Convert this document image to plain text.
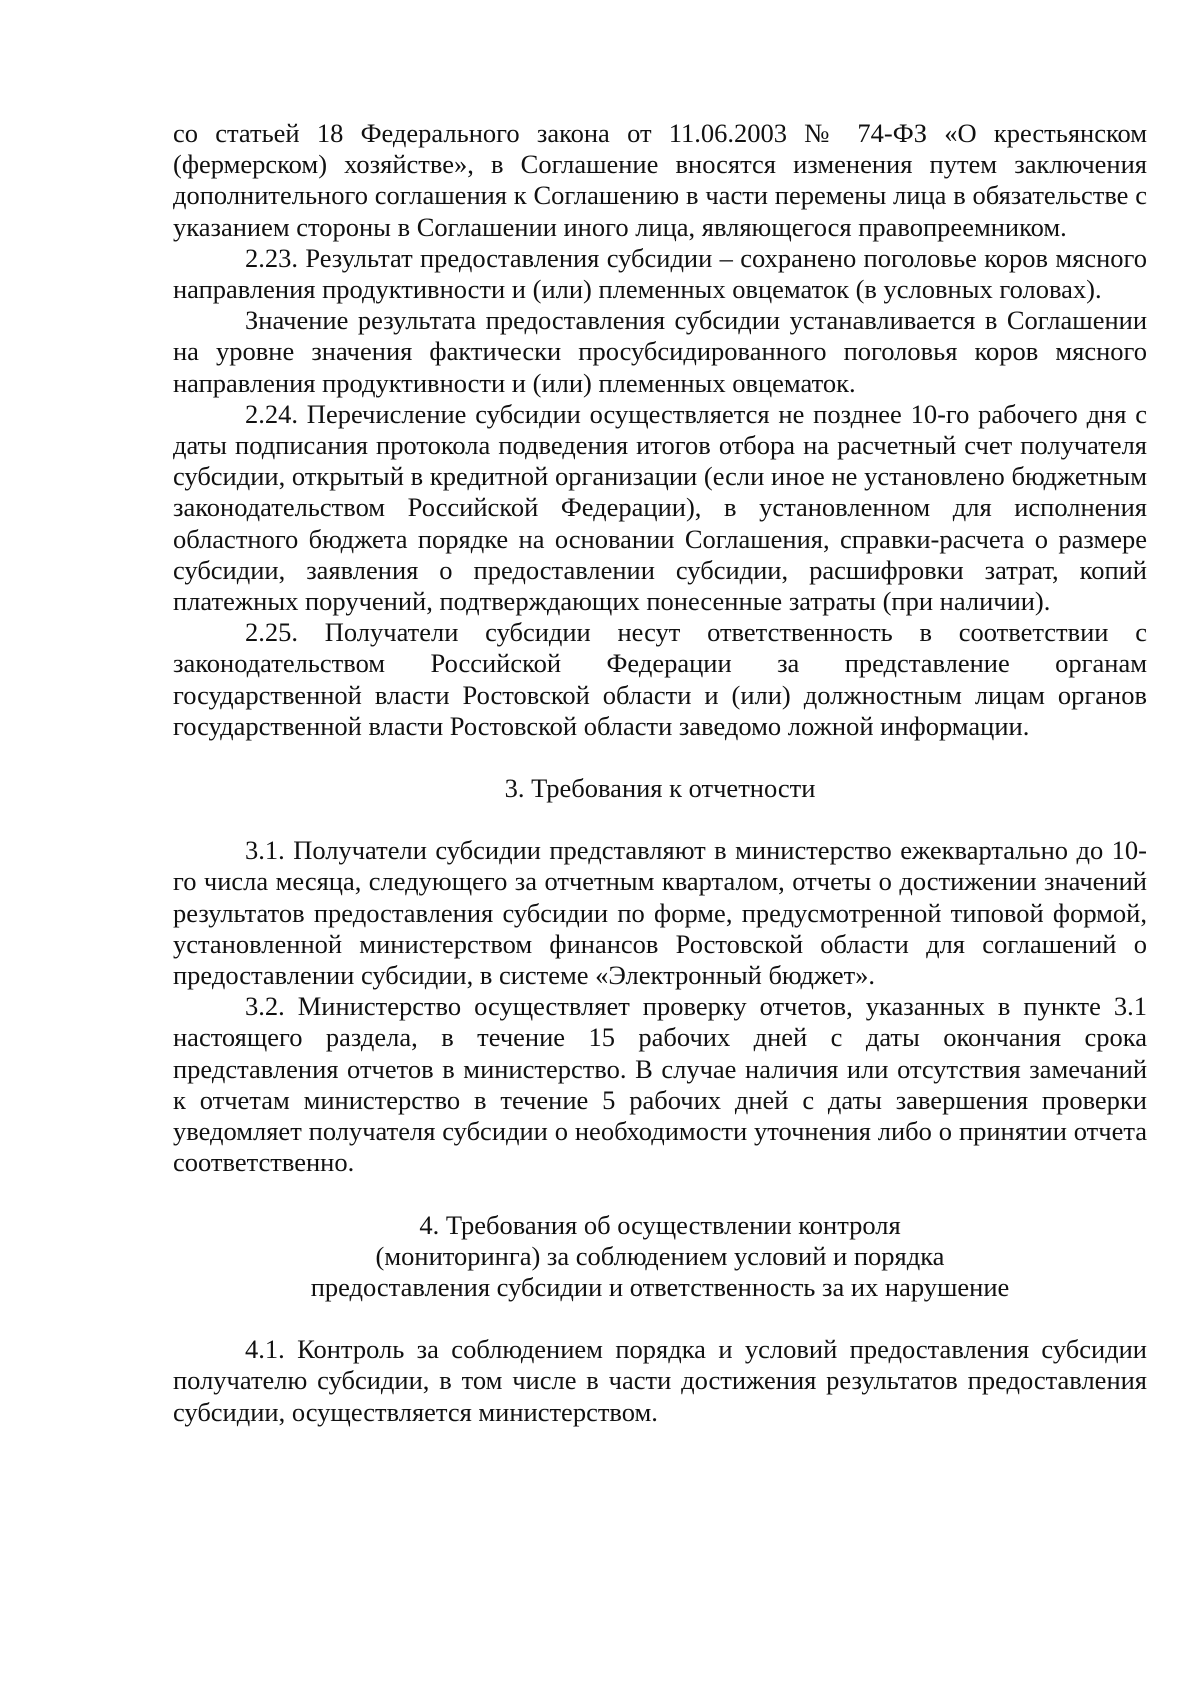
со статьей 18 Федерального закона от 11.06.2003 № 74-ФЗ «О крестьянском (фермерском) хозяйстве», в Соглашение вносятся изменения путем заключения дополнительного соглашения к Соглашению в части перемены лица в обязательстве с указанием стороны в Соглашении иного лица, являющегося правопреемником.

2.23. Результат предоставления субсидии – сохранено поголовье коров мясного направления продуктивности и (или) племенных овцематок (в условных головах).

Значение результата предоставления субсидии устанавливается в Соглашении на уровне значения фактически просубсидированного поголовья коров мясного направления продуктивности и (или) племенных овцематок.

2.24. Перечисление субсидии осуществляется не позднее 10-го рабочего дня с даты подписания протокола подведения итогов отбора на расчетный счет получателя субсидии, открытый в кредитной организации (если иное не установлено бюджетным законодательством Российской Федерации), в установленном для исполнения областного бюджета порядке на основании Соглашения, справки-расчета о размере субсидии, заявления о предоставлении субсидии, расшифровки затрат, копий платежных поручений, подтверждающих понесенные затраты (при наличии).

2.25. Получатели субсидии несут ответственность в соответствии с законодательством Российской Федерации за представление органам государственной власти Ростовской области и (или) должностным лицам органов государственной власти Ростовской области заведомо ложной информации.

3. Требования к отчетности

3.1. Получатели субсидии представляют в министерство ежеквартально до 10-го числа месяца, следующего за отчетным кварталом, отчеты о достижении значений результатов предоставления субсидии по форме, предусмотренной типовой формой, установленной министерством финансов Ростовской области для соглашений о предоставлении субсидии, в системе «Электронный бюджет».

3.2. Министерство осуществляет проверку отчетов, указанных в пункте 3.1 настоящего раздела, в течение 15 рабочих дней с даты окончания срока представления отчетов в министерство. В случае наличия или отсутствия замечаний к отчетам министерство в течение 5 рабочих дней с даты завершения проверки уведомляет получателя субсидии о необходимости уточнения либо о принятии отчета соответственно.

4. Требования об осуществлении контроля

(мониторинга) за соблюдением условий и порядка

предоставления субсидии и ответственность за их нарушение

4.1. Контроль за соблюдением порядка и условий предоставления субсидии получателю субсидии, в том числе в части достижения результатов предоставления субсидии, осуществляется министерством.
